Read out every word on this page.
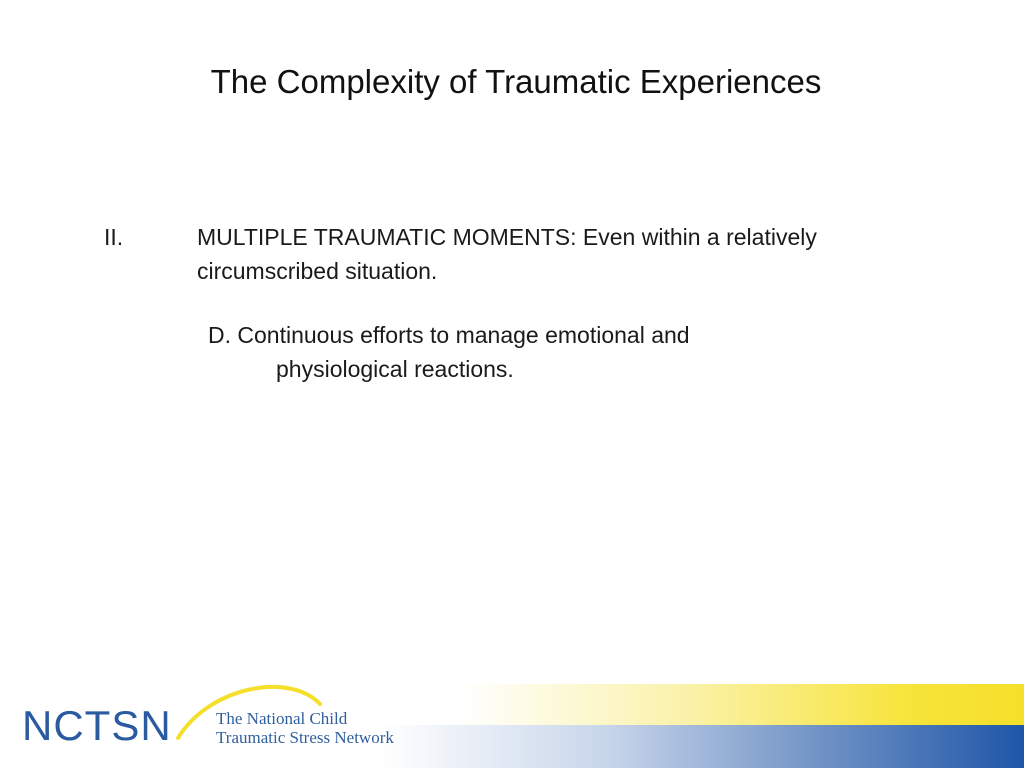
The Complexity of Traumatic Experiences
II.	MULTIPLE TRAUMATIC MOMENTS: Even within a relatively circumscribed situation.
D. Continuous efforts to manage emotional and
physiological reactions.
NCTSN	The National Child
Traumatic Stress Network
